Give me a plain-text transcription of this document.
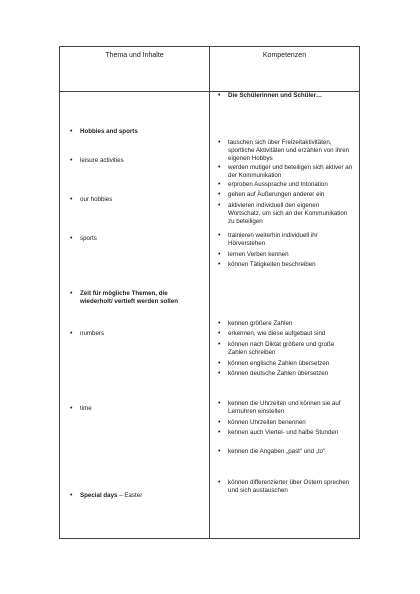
Thema und Inhalte	Kompetenzen
• Hobbies and sports
• leisure activities
• our hobbies
• sports
• Zeit für mögliche Themen, die wiederholt/ vertieft werden sollen
• numbers
• time
• Special days – Easter
• Die Schülerinnen und Schüler…
• tauschen sich über Freizeitaktivitäten, sportliche Aktivitäten und erzählen von ihren eigenen Hobbys
• werden mutiger und beteiligen sich aktiver an der Kommunikation
• erproben Aussprache und Intonation
• gehen auf Äußerungen anderer ein
• aktivieren individuell den eigenen Wortschatz, um sich an der Kommunikation zu beteiligen
• trainieren weiterhin individuell ihr Hörverstehen
• lernen Verben kennen
• können Tätigkeiten beschreiben
• kennen größere Zahlen
• erkennen, wie diese aufgebaut sind
• können nach Diktat größere und große Zahlen schreiben
• können englische Zahlen übersetzen
• können deutsche Zahlen übersetzen
• kennen die Uhrzeiten und können sie auf Lernuhren einstellen
• können Uhrzeiten benennen
• kennen auch Viertel- und halbe Stunden
• kennen die Angaben „past“ und „to“
• können differenzierter über Ostern sprechen und sich austauschen
